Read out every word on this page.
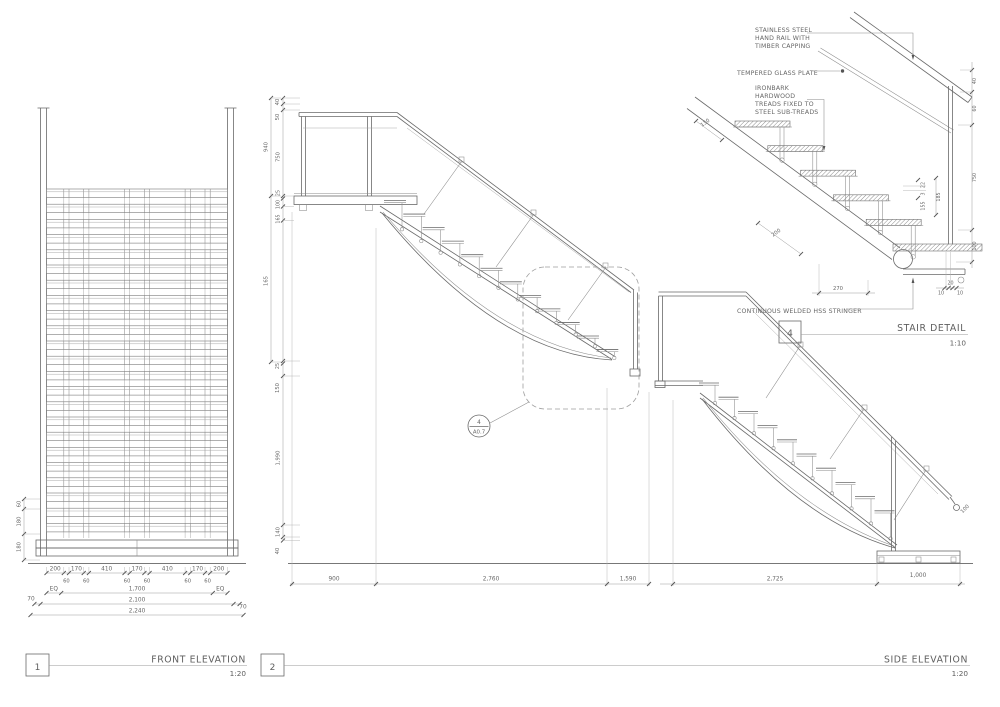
200 170	410	170	410	170 200
60	60	60	60	60	60
EQ	1,700	EQ
70	2,100
70
2,240
60
180
180
4
A0.7
940
165
40
50
750
25
100
165
25
150
1,990
140
40
900	2,760	1,590
100
2,725
1,000
STAINLESS STEEL
HAND RAIL WITH
TIMBER CAPPING
TEMPERED GLASS PLATE
IRONBARK
HARDWOOD
TREADS FIXED TO
STEEL SUB-TREADS
CONTINUOUS WELDED HSS STRINGER
130
200
270
40
60
750
100
22
3
155
185
10
20
10
4	STAIR DETAIL
1:10
1
FRONT ELEVATION
1:20
2
SIDE ELEVATION
1:20
